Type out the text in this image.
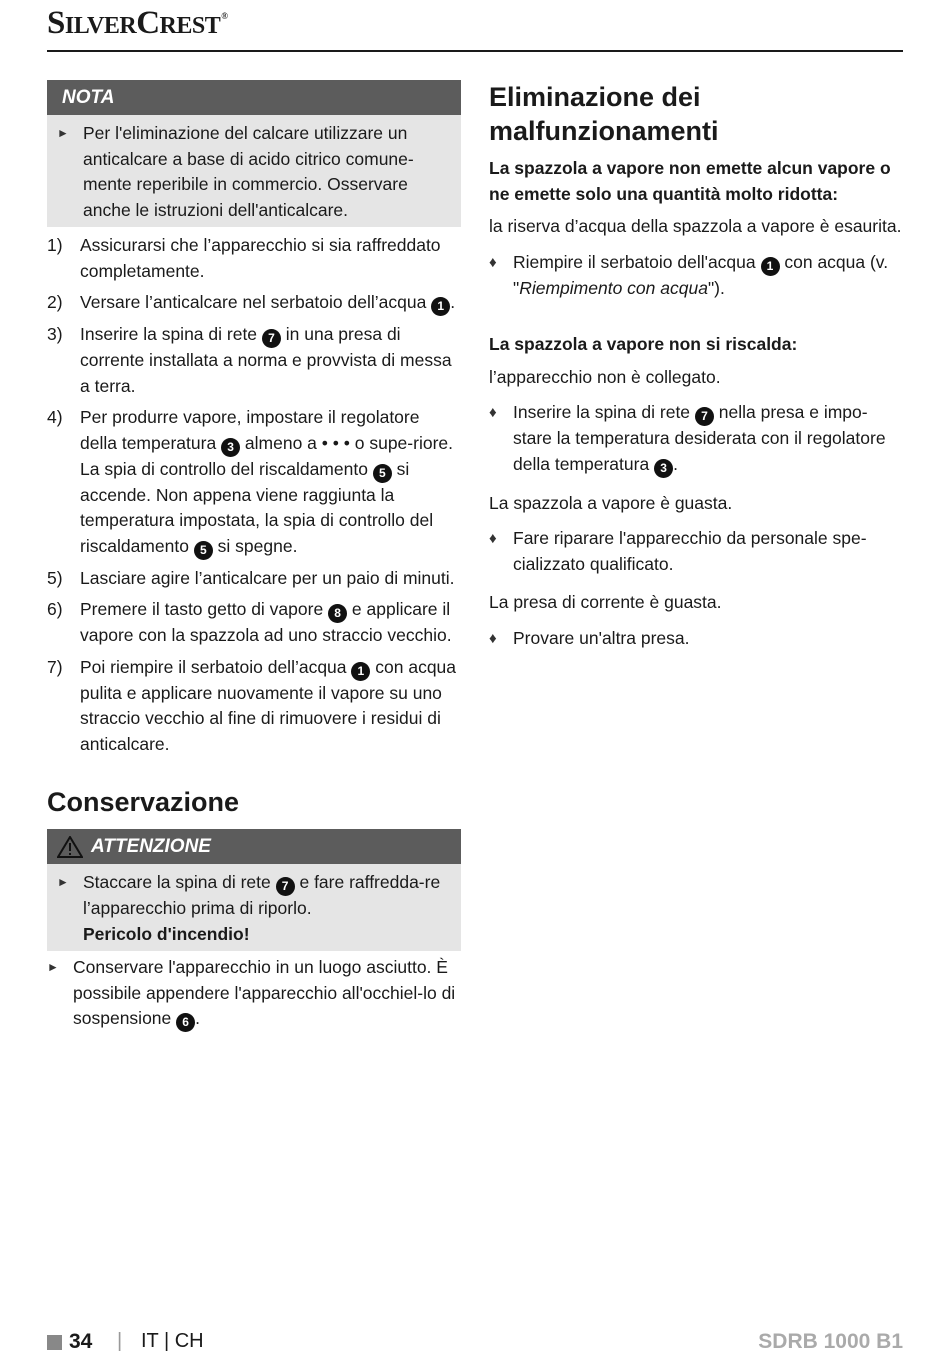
SILVERCREST®
NOTA
► Per l'eliminazione del calcare utilizzare un anticalcare a base di acido citrico comune-mente reperibile in commercio. Osservare anche le istruzioni dell'anticalcare.
1) Assicurarsi che l’apparecchio si sia raffreddato completamente.
2) Versare l’anticalcare nel serbatoio dell’acqua 1 .
3) Inserire la spina di rete 7 in una presa di corrente installata a norma e provvista di messa a terra.
4) Per produrre vapore, impostare il regolatore della temperatura 3 almeno a • • • o supe-riore. La spia di controllo del riscaldamento 5 si accende. Non appena viene raggiunta la temperatura impostata, la spia di controllo del riscaldamento 5 si spegne.
5) Lasciare agire l’anticalcare per un paio di minuti.
6) Premere il tasto getto di vapore 8 e applicare il vapore con la spazzola ad uno straccio vecchio.
7) Poi riempire il serbatoio dell’acqua 1 con acqua pulita e applicare nuovamente il vapore su uno straccio vecchio al fine di rimuovere i residui di anticalcare.
Conservazione
ATTENZIONE
► Staccare la spina di rete 7 e fare raffredda-re l’apparecchio prima di riporlo.
Pericolo d'incendio!
► Conservare l'apparecchio in un luogo asciutto. È possibile appendere l'apparecchio all'occhiel-lo di sospensione 6 .
Eliminazione dei malfunzionamenti
La spazzola a vapore non emette alcun vapore o ne emette solo una quantità molto ridotta:
la riserva d’acqua della spazzola a vapore è esaurita.
♦ Riempire il serbatoio dell'acqua 1 con acqua (v. "Riempimento con acqua").
La spazzola a vapore non si riscalda:
l’apparecchio non è collegato.
♦ Inserire la spina di rete 7 nella presa e impo-stare la temperatura desiderata con il regolatore della temperatura 3 .
La spazzola a vapore è guasta.
♦ Fare riparare l'apparecchio da personale spe-cializzato qualificato.
La presa di corrente è guasta.
♦ Provare un'altra presa.
34 | IT | CH	SDRB 1000 B1
